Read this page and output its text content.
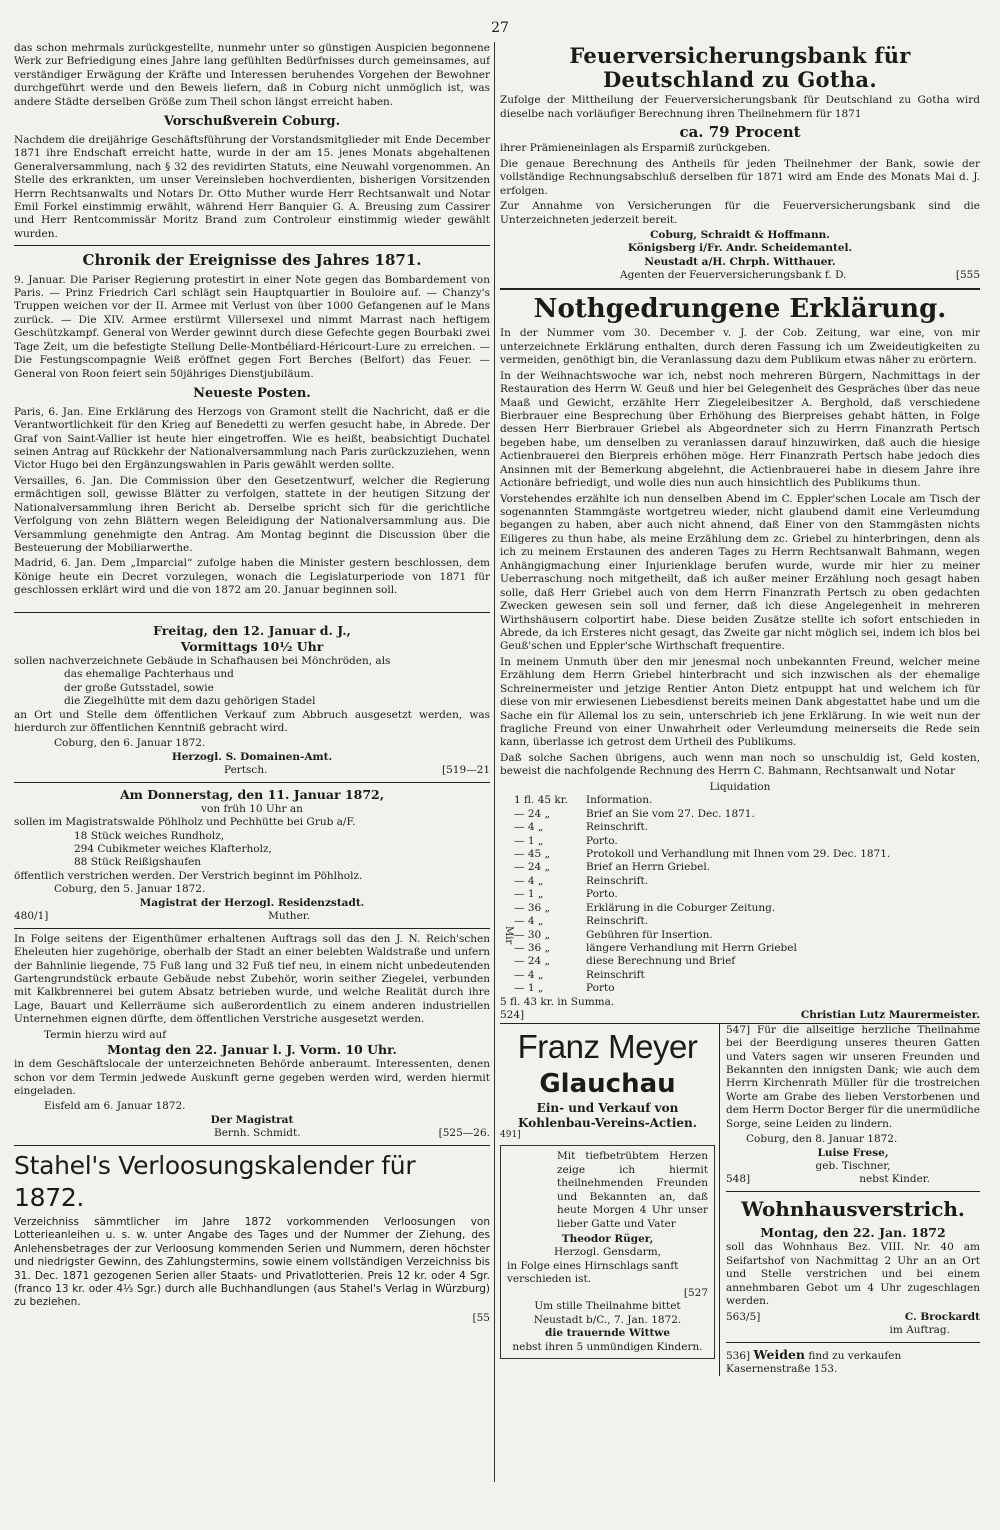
27

das schon mehrmals zurückgestellte, nunmehr unter so günstigen Auspicien begonnene Werk zur Befriedigung eines Jahre lang gefühlten Bedürfnisses durch gemeinsames, auf verständiger Erwägung der Kräfte und Interessen beruhendes Vorgehen der Bewohner durchgeführt werde und den Beweis liefern, daß in Coburg nicht unmöglich ist, was andere Städte derselben Größe zum Theil schon längst erreicht haben.

Vorschußverein Coburg.

Nachdem die dreijährige Geschäftsführung der Vorstandsmitglieder mit Ende December 1871 ihre Endschaft erreicht hatte, wurde in der am 15. jenes Monats abgehaltenen Generalversammlung, nach § 32 des revidirten Statuts, eine Neuwahl vorgenommen. An Stelle des erkrankten, um unser Vereinsleben hochverdienten, bisherigen Vorsitzenden Herrn Rechtsanwalts und Notars Dr. Otto Muther wurde Herr Rechtsanwalt und Notar Emil Forkel einstimmig erwählt, während Herr Banquier G. A. Breusing zum Cassirer und Herr Rentcommissär Moritz Brand zum Controleur einstimmig wieder gewählt wurden.

Chronik der Ereignisse des Jahres 1871.

9. Januar. Die Pariser Regierung protestirt in einer Note gegen das Bombardement von Paris. — Prinz Friedrich Carl schlägt sein Hauptquartier in Bouloire auf. — Chanzy's Truppen weichen vor der II. Armee mit Verlust von über 1000 Gefangenen auf le Mans zurück. — Die XIV. Armee erstürmt Villersexel und nimmt Marrast nach heftigem Geschützkampf. General von Werder gewinnt durch diese Gefechte gegen Bourbaki zwei Tage Zeit, um die befestigte Stellung Delle-Montbéliard-Héricourt-Lure zu erreichen. — Die Festungscompagnie Weiß eröffnet gegen Fort Berches (Belfort) das Feuer. — General von Roon feiert sein 50jähriges Dienstjubiläum.

Neueste Posten.

Paris, 6. Jan. Eine Erklärung des Herzogs von Gramont stellt die Nachricht, daß er die Verantwortlichkeit für den Krieg auf Benedetti zu werfen gesucht habe, in Abrede. Der Graf von Saint-Vallier ist heute hier eingetroffen. Wie es heißt, beabsichtigt Duchatel seinen Antrag auf Rückkehr der Nationalversammlung nach Paris zurückzuziehen, wenn Victor Hugo bei den Ergänzungswahlen in Paris gewählt werden sollte.

Versailles, 6. Jan. Die Commission über den Gesetzentwurf, welcher die Regierung ermächtigen soll, gewisse Blätter zu verfolgen, stattete in der heutigen Sitzung der Nationalversammlung ihren Bericht ab. Derselbe spricht sich für die gerichtliche Verfolgung von zehn Blättern wegen Beleidigung der Nationalversammlung aus. Die Versammlung genehmigte den Antrag. Am Montag beginnt die Discussion über die Besteuerung der Mobiliarwerthe.

Madrid, 6. Jan. Dem „Imparcial“ zufolge haben die Minister gestern beschlossen, dem Könige heute ein Decret vorzulegen, wonach die Legislaturperiode von 1871 für geschlossen erklärt wird und die von 1872 am 20. Januar beginnen soll.

Freitag, den 12. Januar d. J.,
Vormittags 10½ Uhr
sollen nachverzeichnete Gebäude in Schafhausen bei Mönchröden, als
das ehemalige Pachterhaus und
der große Gutsstadel, sowie
die Ziegelhütte mit dem dazu gehörigen Stadel

an Ort und Stelle dem öffentlichen Verkauf zum Abbruch ausgesetzt werden, was hierdurch zur öffentlichen Kenntniß gebracht wird.

Coburg, den 6. Januar 1872.
Herzogl. S. Domainen-Amt.
Pertsch.	[519—21
Am Donnerstag, den 11. Januar 1872,
von früh 10 Uhr an
sollen im Magistratswalde Pöhlholz und Pechhütte bei Grub a/F.
18 Stück weiches Rundholz,
294 Cubikmeter weiches Klafterholz,
88 Stück Reißigshaufen
öffentlich verstrichen werden. Der Verstrich beginnt im Pöhlholz.
Coburg, den 5. Januar 1872.
Magistrat der Herzogl. Residenzstadt.
480/1]	Muther.

In Folge seitens der Eigenthümer erhaltenen Auftrags soll das den J. N. Reich'schen Eheleuten hier zugehörige, oberhalb der Stadt an einer belebten Waldstraße und unfern der Bahnlinie liegende, 75 Fuß lang und 32 Fuß tief neu, in einem nicht unbedeutenden Gartengrundstück erbaute Gebäude nebst Zubehör, worin seither Ziegelei, verbunden mit Kalkbrennerei bei gutem Absatz betrieben wurde, und welche Realität durch ihre Lage, Bauart und Kellerräume sich außerordentlich zu einem anderen industriellen Unternehmen eignen dürfte, dem öffentlichen Verstriche ausgesetzt werden.

Termin hierzu wird auf
Montag den 22. Januar l. J. Vorm. 10 Uhr.

in dem Geschäftslocale der unterzeichneten Behörde anberaumt. Interessenten, denen schon vor dem Termin jedwede Auskunft gerne gegeben werden wird, werden hiermit eingeladen.

Eisfeld am 6. Januar 1872.
Der Magistrat
Bernh. Schmidt.	[525—26.
Stahel's Verloosungskalender für 1872.

Verzeichniss sämmtlicher im Jahre 1872 vorkommenden Verloosungen von Lotterieanleihen u. s. w. unter Angabe des Tages und der Nummer der Ziehung, des Anlehensbetrages der zur Verloosung kommenden Serien und Nummern, deren höchster und niedrigster Gewinn, des Zahlungstermins, sowie einem vollständigen Verzeichniss bis 31. Dec. 1871 gezogenen Serien aller Staats- und Privatlotterien. Preis 12 kr. oder 4 Sgr. (franco 13 kr. oder 4⅓ Sgr.) durch alle Buchhandlungen (aus Stahel's Verlag in Würzburg) zu beziehen.

[55
Feuerversicherungsbank für Deutschland zu Gotha.

Zufolge der Mittheilung der Feuerversicherungsbank für Deutschland zu Gotha wird dieselbe nach vorläufiger Berechnung ihren Theilnehmern für 1871

ca. 79 Procent

ihrer Prämieneinlagen als Ersparniß zurückgeben.

Die genaue Berechnung des Antheils für jeden Theilnehmer der Bank, sowie der vollständige Rechnungsabschluß derselben für 1871 wird am Ende des Monats Mai d. J. erfolgen.

Zur Annahme von Versicherungen für die Feuerversicherungsbank sind die Unterzeichneten jederzeit bereit.

Coburg, Schraidt & Hoffmann.
Königsberg i/Fr. Andr. Scheidemantel.
Neustadt a/H. Chrph. Witthauer.
Agenten der Feuerversicherungsbank f. D.	[555
Nothgedrungene Erklärung.

In der Nummer vom 30. December v. J. der Cob. Zeitung, war eine, von mir unterzeichnete Erklärung enthalten, durch deren Fassung ich um Zweideutigkeiten zu vermeiden, genöthigt bin, die Veranlassung dazu dem Publikum etwas näher zu erörtern.

In der Weihnachtswoche war ich, nebst noch mehreren Bürgern, Nachmittags in der Restauration des Herrn W. Geuß und hier bei Gelegenheit des Gespräches über das neue Maaß und Gewicht, erzählte Herr Ziegeleibesitzer A. Berghold, daß verschiedene Bierbrauer eine Besprechung über Erhöhung des Bierpreises gehabt hätten, in Folge dessen Herr Bierbrauer Griebel als Abgeordneter sich zu Herrn Finanzrath Pertsch begeben habe, um denselben zu veranlassen darauf hinzuwirken, daß auch die hiesige Actienbrauerei den Bierpreis erhöhen möge. Herr Finanzrath Pertsch habe jedoch dies Ansinnen mit der Bemerkung abgelehnt, die Actienbrauerei habe in diesem Jahre ihre Actionäre befriedigt, und wolle dies nun auch hinsichtlich des Publikums thun.

Vorstehendes erzählte ich nun denselben Abend im C. Eppler'schen Locale am Tisch der sogenannten Stammgäste wortgetreu wieder, nicht glaubend damit eine Verleumdung begangen zu haben, aber auch nicht ahnend, daß Einer von den Stammgästen nichts Eiligeres zu thun habe, als meine Erzählung dem zc. Griebel zu hinterbringen, denn als ich zu meinem Erstaunen des anderen Tages zu Herrn Rechtsanwalt Bahmann, wegen Anhängigmachung einer Injurienklage berufen wurde, wurde mir hier zu meiner Ueberraschung noch mitgetheilt, daß ich außer meiner Erzählung noch gesagt haben solle, daß Herr Griebel auch von dem Herrn Finanzrath Pertsch zu oben gedachten Zwecken gewesen sein soll und ferner, daß ich diese Angelegenheit in mehreren Wirthshäusern colportirt habe. Diese beiden Zusätze stellte ich sofort entschieden in Abrede, da ich Ersteres nicht gesagt, das Zweite gar nicht möglich sei, indem ich blos bei Geuß'schen und Eppler'sche Wirthschaft frequentire.

In meinem Unmuth über den mir jenesmal noch unbekannten Freund, welcher meine Erzählung dem Herrn Griebel hinterbracht und sich inzwischen als der ehemalige Schreinermeister und jetzige Rentier Anton Dietz entpuppt hat und welchem ich für diese von mir erwiesenen Liebesdienst bereits meinen Dank abgestattet habe und um die Sache ein für Allemal los zu sein, unterschrieb ich jene Erklärung. In wie weit nun der fragliche Freund von einer Unwahrheit oder Verleumdung meinerseits die Rede sein kann, überlasse ich getrost dem Urtheil des Publikums.

Daß solche Sachen übrigens, auch wenn man noch so unschuldig ist, Geld kosten, beweist die nachfolgende Rechnung des Herrn C. Bahmann, Rechtsanwalt und Notar

Liquidation
Mir
1 fl. 45 kr.	Information.
— 24 „	Brief an Sie vom 27. Dec. 1871.
— 4 „	Reinschrift.
— 1 „	Porto.
— 45 „	Protokoll und Verhandlung mit Ihnen vom 29. Dec. 1871.
— 24 „	Brief an Herrn Griebel.
— 4 „	Reinschrift.
— 1 „	Porto.
— 36 „	Erklärung in die Coburger Zeitung.
— 4 „	Reinschrift.
— 30 „	Gebühren für Insertion.
— 36 „	längere Verhandlung mit Herrn Griebel
— 24 „	diese Berechnung und Brief
— 4 „	Reinschrift
— 1 „	Porto
5 fl. 43 kr. in Summa.
524]	Christian Lutz Maurermeister.
Franz Meyer
Glauchau
Ein- und Verkauf von
Kohlenbau-Vereins-Actien.
491]

Mit tiefbetrübtem Herzen zeige ich hiermit theilnehmenden Freunden und Bekannten an, daß heute Morgen 4 Uhr unser lieber Gatte und Vater

Theodor Rüger,
Herzogl. Gensdarm,
in Folge eines Hirnschlags sanft verschieden ist.
[527
Um stille Theilnahme bittet
Neustadt b/C., 7. Jan. 1872.
die trauernde Wittwe
nebst ihren 5 unmündigen Kindern.

547] Für die allseitige herzliche Theilnahme bei der Beerdigung unseres theuren Gatten und Vaters sagen wir unseren Freunden und Bekannten den innigsten Dank; wie auch dem Herrn Kirchenrath Müller für die trostreichen Worte am Grabe des lieben Verstorbenen und dem Herrn Doctor Berger für die unermüdliche Sorge, seine Leiden zu lindern.

Coburg, den 8. Januar 1872.
Luise Frese,
geb. Tischner,
548]	nebst Kinder.
Wohnhausverstrich.
Montag, den 22. Jan. 1872

soll das Wohnhaus Bez. VIII. Nr. 40 am Seifartshof von Nachmittag 2 Uhr an an Ort und Stelle verstrichen und bei einem annehmbaren Gebot um 4 Uhr zugeschlagen werden.

563/5]	C. Brockardt
im Auftrag.
536] Weiden find zu verkaufen
Kasernenstraße 153.
